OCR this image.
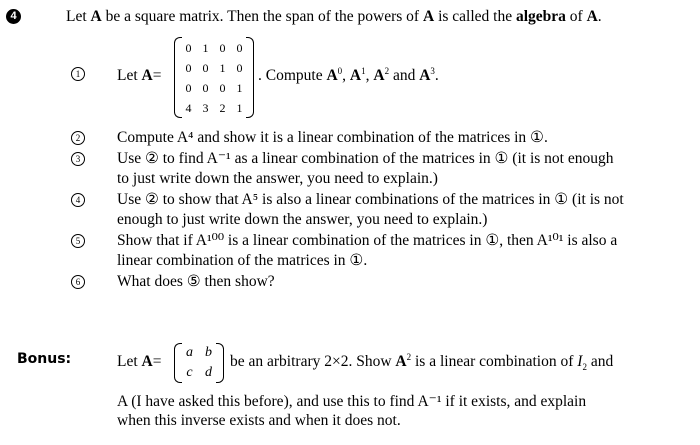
4	Let A be a square matrix. Then the span of the powers of A is called the algebra of A.
1	Let A=
0 1 0 0
0 0 1 0
0 0 0 1
4 3 2 1
. Compute $A^0$, $A^1$, $A^2$ and $A^3$.
2	Compute A⁴ and show it is a linear combination of the matrices in ①.
3	Use ② to find A⁻¹ as a linear combination of the matrices in ① (it is not enough
to just write down the answer, you need to explain.)
4	Use ② to show that A⁵ is also a linear combinations of the matrices in ① (it is not
enough to just write down the answer, you need to explain.)
5	Show that if A¹⁰⁰ is a linear combination of the matrices in ①, then A¹⁰¹ is also a
linear combination of the matrices in ①.
6	What does ⑤ then show?
Bonus:	Let A=
a b
c d
be an arbitrary 2×2. Show $A^2$ is a linear combination of $I_2$ and
A (I have asked this before), and use this to find A⁻¹ if it exists, and explain
when this inverse exists and when it does not.
